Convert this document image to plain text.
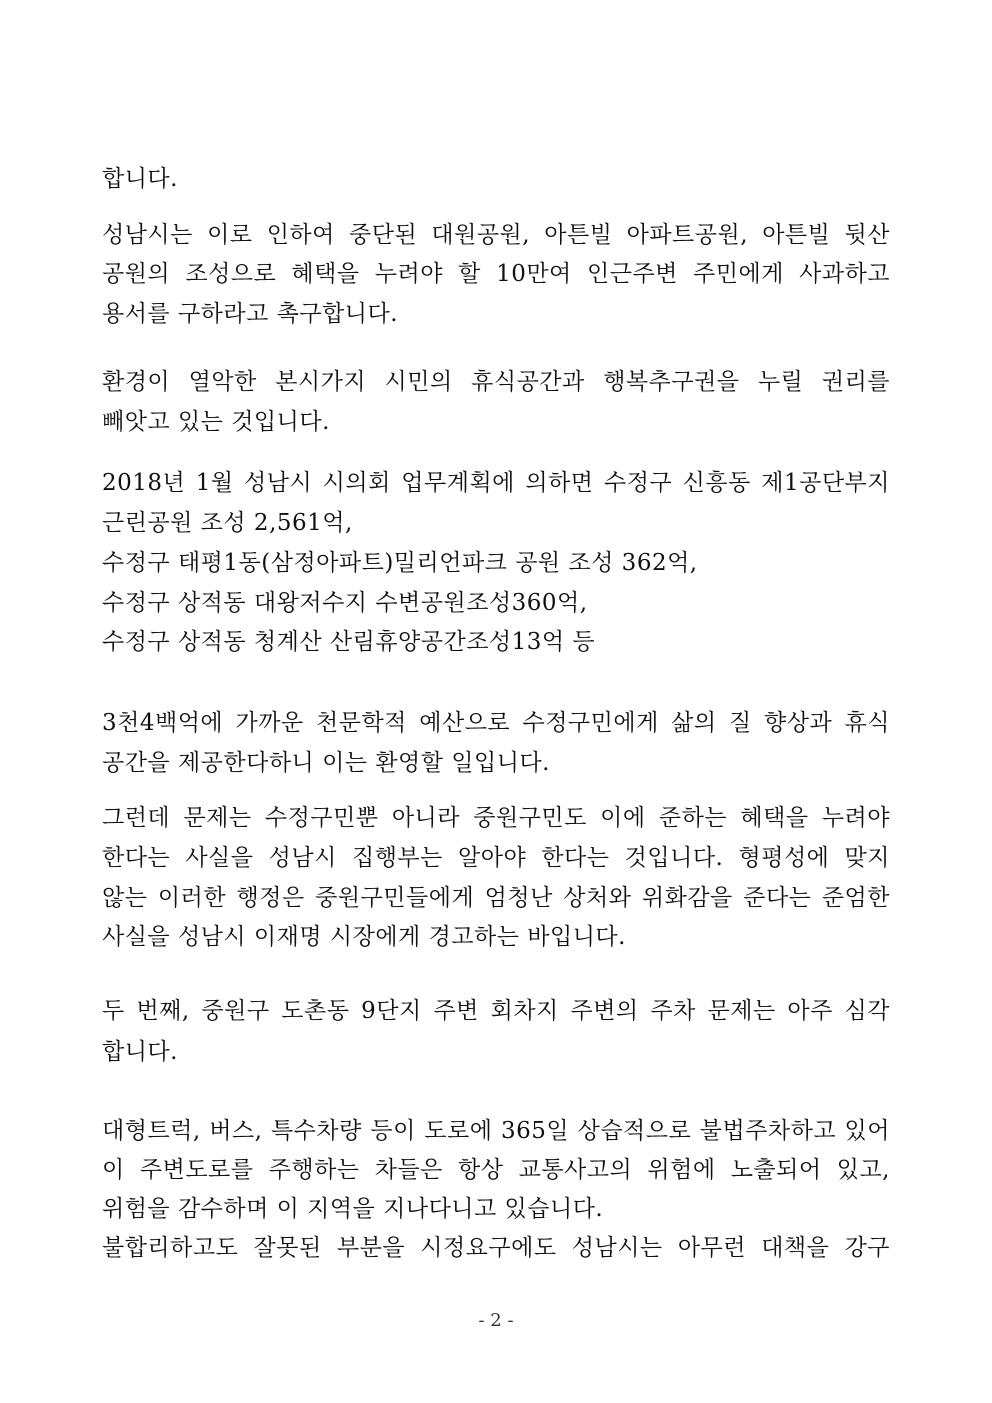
합니다.
성남시는 이로 인하여 중단된 대원공원, 아튼빌 아파트공원, 아튼빌 뒷산
공원의 조성으로 혜택을 누려야 할 10만여 인근주변 주민에게 사과하고
용서를 구하라고 촉구합니다.
환경이 열악한 본시가지 시민의 휴식공간과 행복추구권을 누릴 권리를
빼앗고 있는 것입니다.
2018년 1월 성남시 시의회 업무계획에 의하면 수정구 신흥동 제1공단부지
근린공원 조성 2,561억,
수정구 태평1동(삼정아파트)밀리언파크 공원 조성 362억,
수정구 상적동 대왕저수지 수변공원조성360억,
수정구 상적동 청계산 산림휴양공간조성13억 등
3천4백억에 가까운 천문학적 예산으로 수정구민에게 삶의 질 향상과 휴식
공간을 제공한다하니 이는 환영할 일입니다.
그런데 문제는 수정구민뿐 아니라 중원구민도 이에 준하는 혜택을 누려야
한다는 사실을 성남시 집행부는 알아야 한다는 것입니다. 형평성에 맞지
않는 이러한 행정은 중원구민들에게 엄청난 상처와 위화감을 준다는 준엄한
사실을 성남시 이재명 시장에게 경고하는 바입니다.
두 번째, 중원구 도촌동 9단지 주변 회차지 주변의 주차 문제는 아주 심각
합니다.
대형트럭, 버스, 특수차량 등이 도로에 365일 상습적으로 불법주차하고 있어
이 주변도로를 주행하는 차들은 항상 교통사고의 위험에 노출되어 있고,
위험을 감수하며 이 지역을 지나다니고 있습니다.
불합리하고도 잘못된 부분을 시정요구에도 성남시는 아무런 대책을 강구
- 2 -
